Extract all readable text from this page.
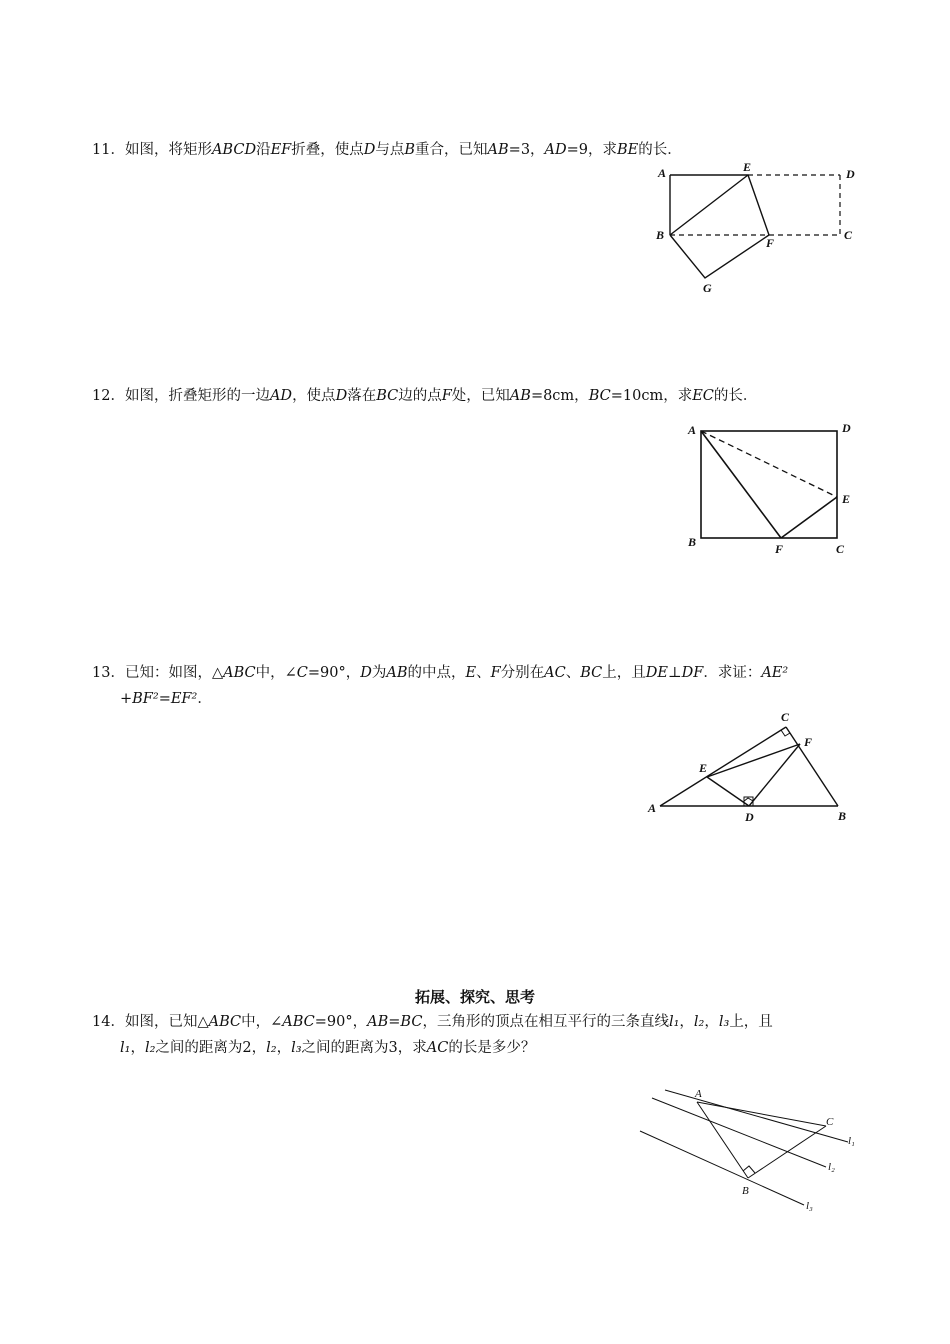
11．如图，将矩形ABCD沿EF折叠，使点D与点B重合，已知AB=3，AD=9，求BE的长．
A	E	D
B
F
C
G
12．如图，折叠矩形的一边AD，使点D落在BC边的点F处，已知AB=8cm，BC=10cm，求EC的长．
A	D
E
B	F	C
13．已知：如图，△ABC中，∠C=90°，D为AB的中点，E、F分别在AC、BC上，且DE⊥DF．求证：AE²
+BF²=EF²．
C
F
E
A
D	B
拓展、探究、思考
14．如图，已知△ABC中，∠ABC=90°，AB=BC，三角形的顶点在相互平行的三条直线l₁，l₂，l₃上，且
l₁，l₂之间的距离为2，l₂，l₃之间的距离为3，求AC的长是多少？
A
C
B
l₁
l₂
l₃
